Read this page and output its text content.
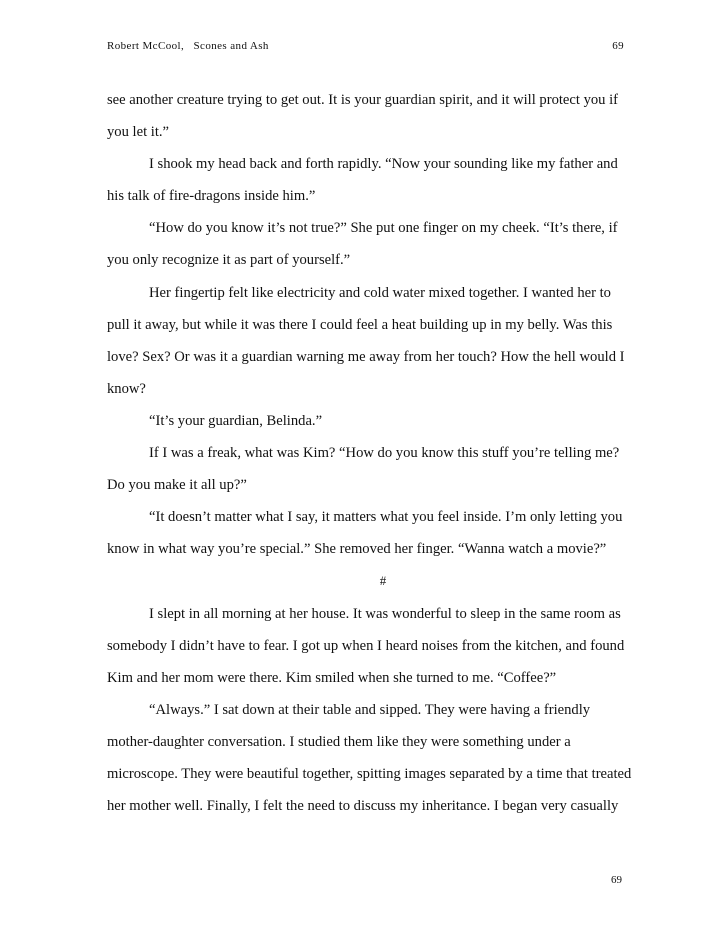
Robert McCool,   Scones and Ash	69

see another creature trying to get out. It is your guardian spirit, and it will protect you if

you let it.”

I shook my head back and forth rapidly. “Now your sounding like my father and

his talk of fire-dragons inside him.”

“How do you know it’s not true?” She put one finger on my cheek. “It’s there, if

you only recognize it as part of yourself.”

Her fingertip felt like electricity and cold water mixed together. I wanted her to

pull it away, but while it was there I could feel a heat building up in my belly. Was this

love? Sex? Or was it a guardian warning me away from her touch? How the hell would I

know?

“It’s your guardian, Belinda.”

If I was a freak, what was Kim? “How do you know this stuff you’re telling me?

Do you make it all up?”

“It doesn’t matter what I say, it matters what you feel inside. I’m only letting you

know in what way you’re special.” She removed her finger. “Wanna watch a movie?”

#

I slept in all morning at her house. It was wonderful to sleep in the same room as

somebody I didn’t have to fear. I got up when I heard noises from the kitchen, and found

Kim and her mom were there. Kim smiled when she turned to me. “Coffee?”

“Always.” I sat down at their table and sipped. They were having a friendly

mother-daughter conversation. I studied them like they were something under a

microscope. They were beautiful together, spitting images separated by a time that treated

her mother well. Finally, I felt the need to discuss my inheritance. I began very casually

69
